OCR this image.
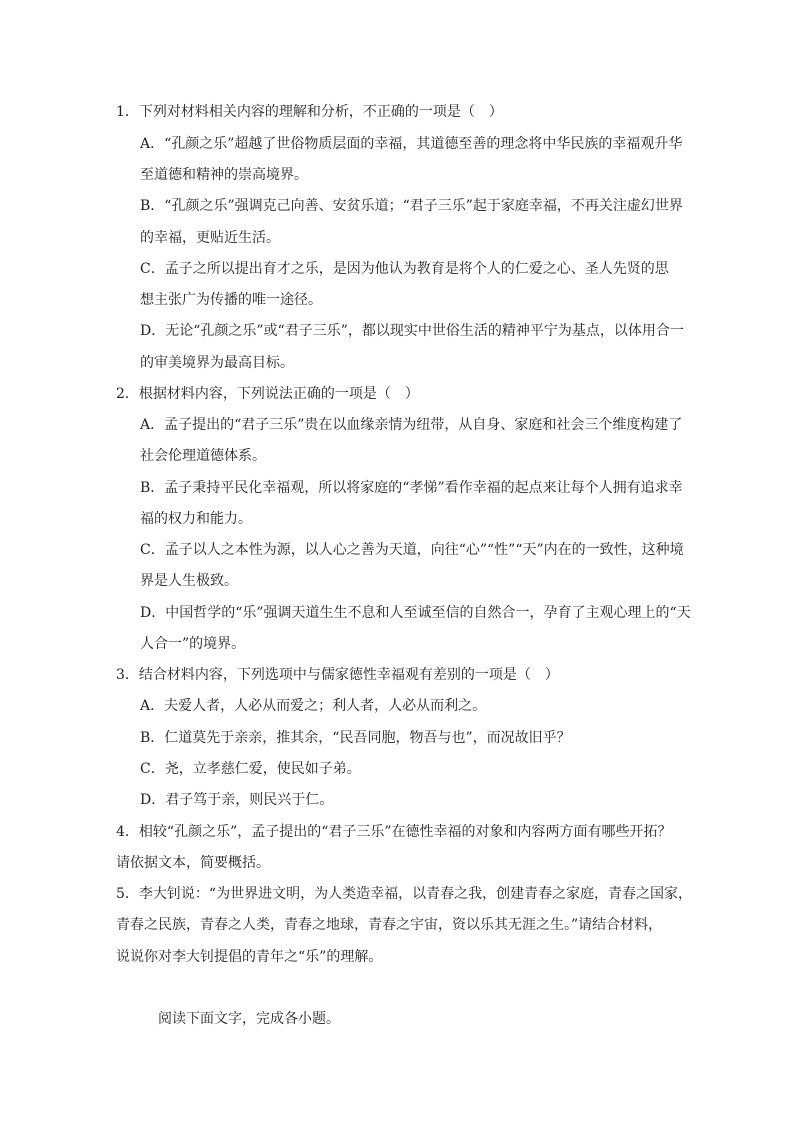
1．下列对材料相关内容的理解和分析，不正确的一项是（　）
A．“孔颜之乐”超越了世俗物质层面的幸福，其道德至善的理念将中华民族的幸福观升华
至道德和精神的崇高境界。
B．“孔颜之乐”强调克己向善、安贫乐道；“君子三乐”起于家庭幸福，不再关注虚幻世界
的幸福，更贴近生活。
C．孟子之所以提出育才之乐，是因为他认为教育是将个人的仁爱之心、圣人先贤的思
想主张广为传播的唯一途径。
D．无论“孔颜之乐”或“君子三乐”，都以现实中世俗生活的精神平宁为基点，以体用合一
的审美境界为最高目标。
2．根据材料内容，下列说法正确的一项是（　）
A．孟子提出的“君子三乐”贵在以血缘亲情为纽带，从自身、家庭和社会三个维度构建了
社会伦理道德体系。
B．孟子秉持平民化幸福观，所以将家庭的“孝悌”看作幸福的起点来让每个人拥有追求幸
福的权力和能力。
C．孟子以人之本性为源，以人心之善为天道，向往“心”“性”“天”内在的一致性，这种境
界是人生极致。
D．中国哲学的“乐”强调天道生生不息和人至诚至信的自然合一，孕育了主观心理上的“天
人合一”的境界。
3．结合材料内容，下列选项中与儒家德性幸福观有差别的一项是（　）
A．夫爱人者，人必从而爱之；利人者，人必从而利之。
B．仁道莫先于亲亲，推其余，“民吾同胞，物吾与也”，而况故旧乎？
C．尧，立孝慈仁爱，使民如子弟。
D．君子笃于亲，则民兴于仁。
4．相较“孔颜之乐”，孟子提出的“君子三乐”在德性幸福的对象和内容两方面有哪些开拓？
请依据文本，简要概括。
5．李大钊说：“为世界进文明，为人类造幸福，以青春之我，创建青春之家庭，青春之国家，
青春之民族，青春之人类，青春之地球，青春之宇宙，资以乐其无涯之生。”请结合材料，
说说你对李大钊提倡的青年之“乐”的理解。
阅读下面文字，完成各小题。
